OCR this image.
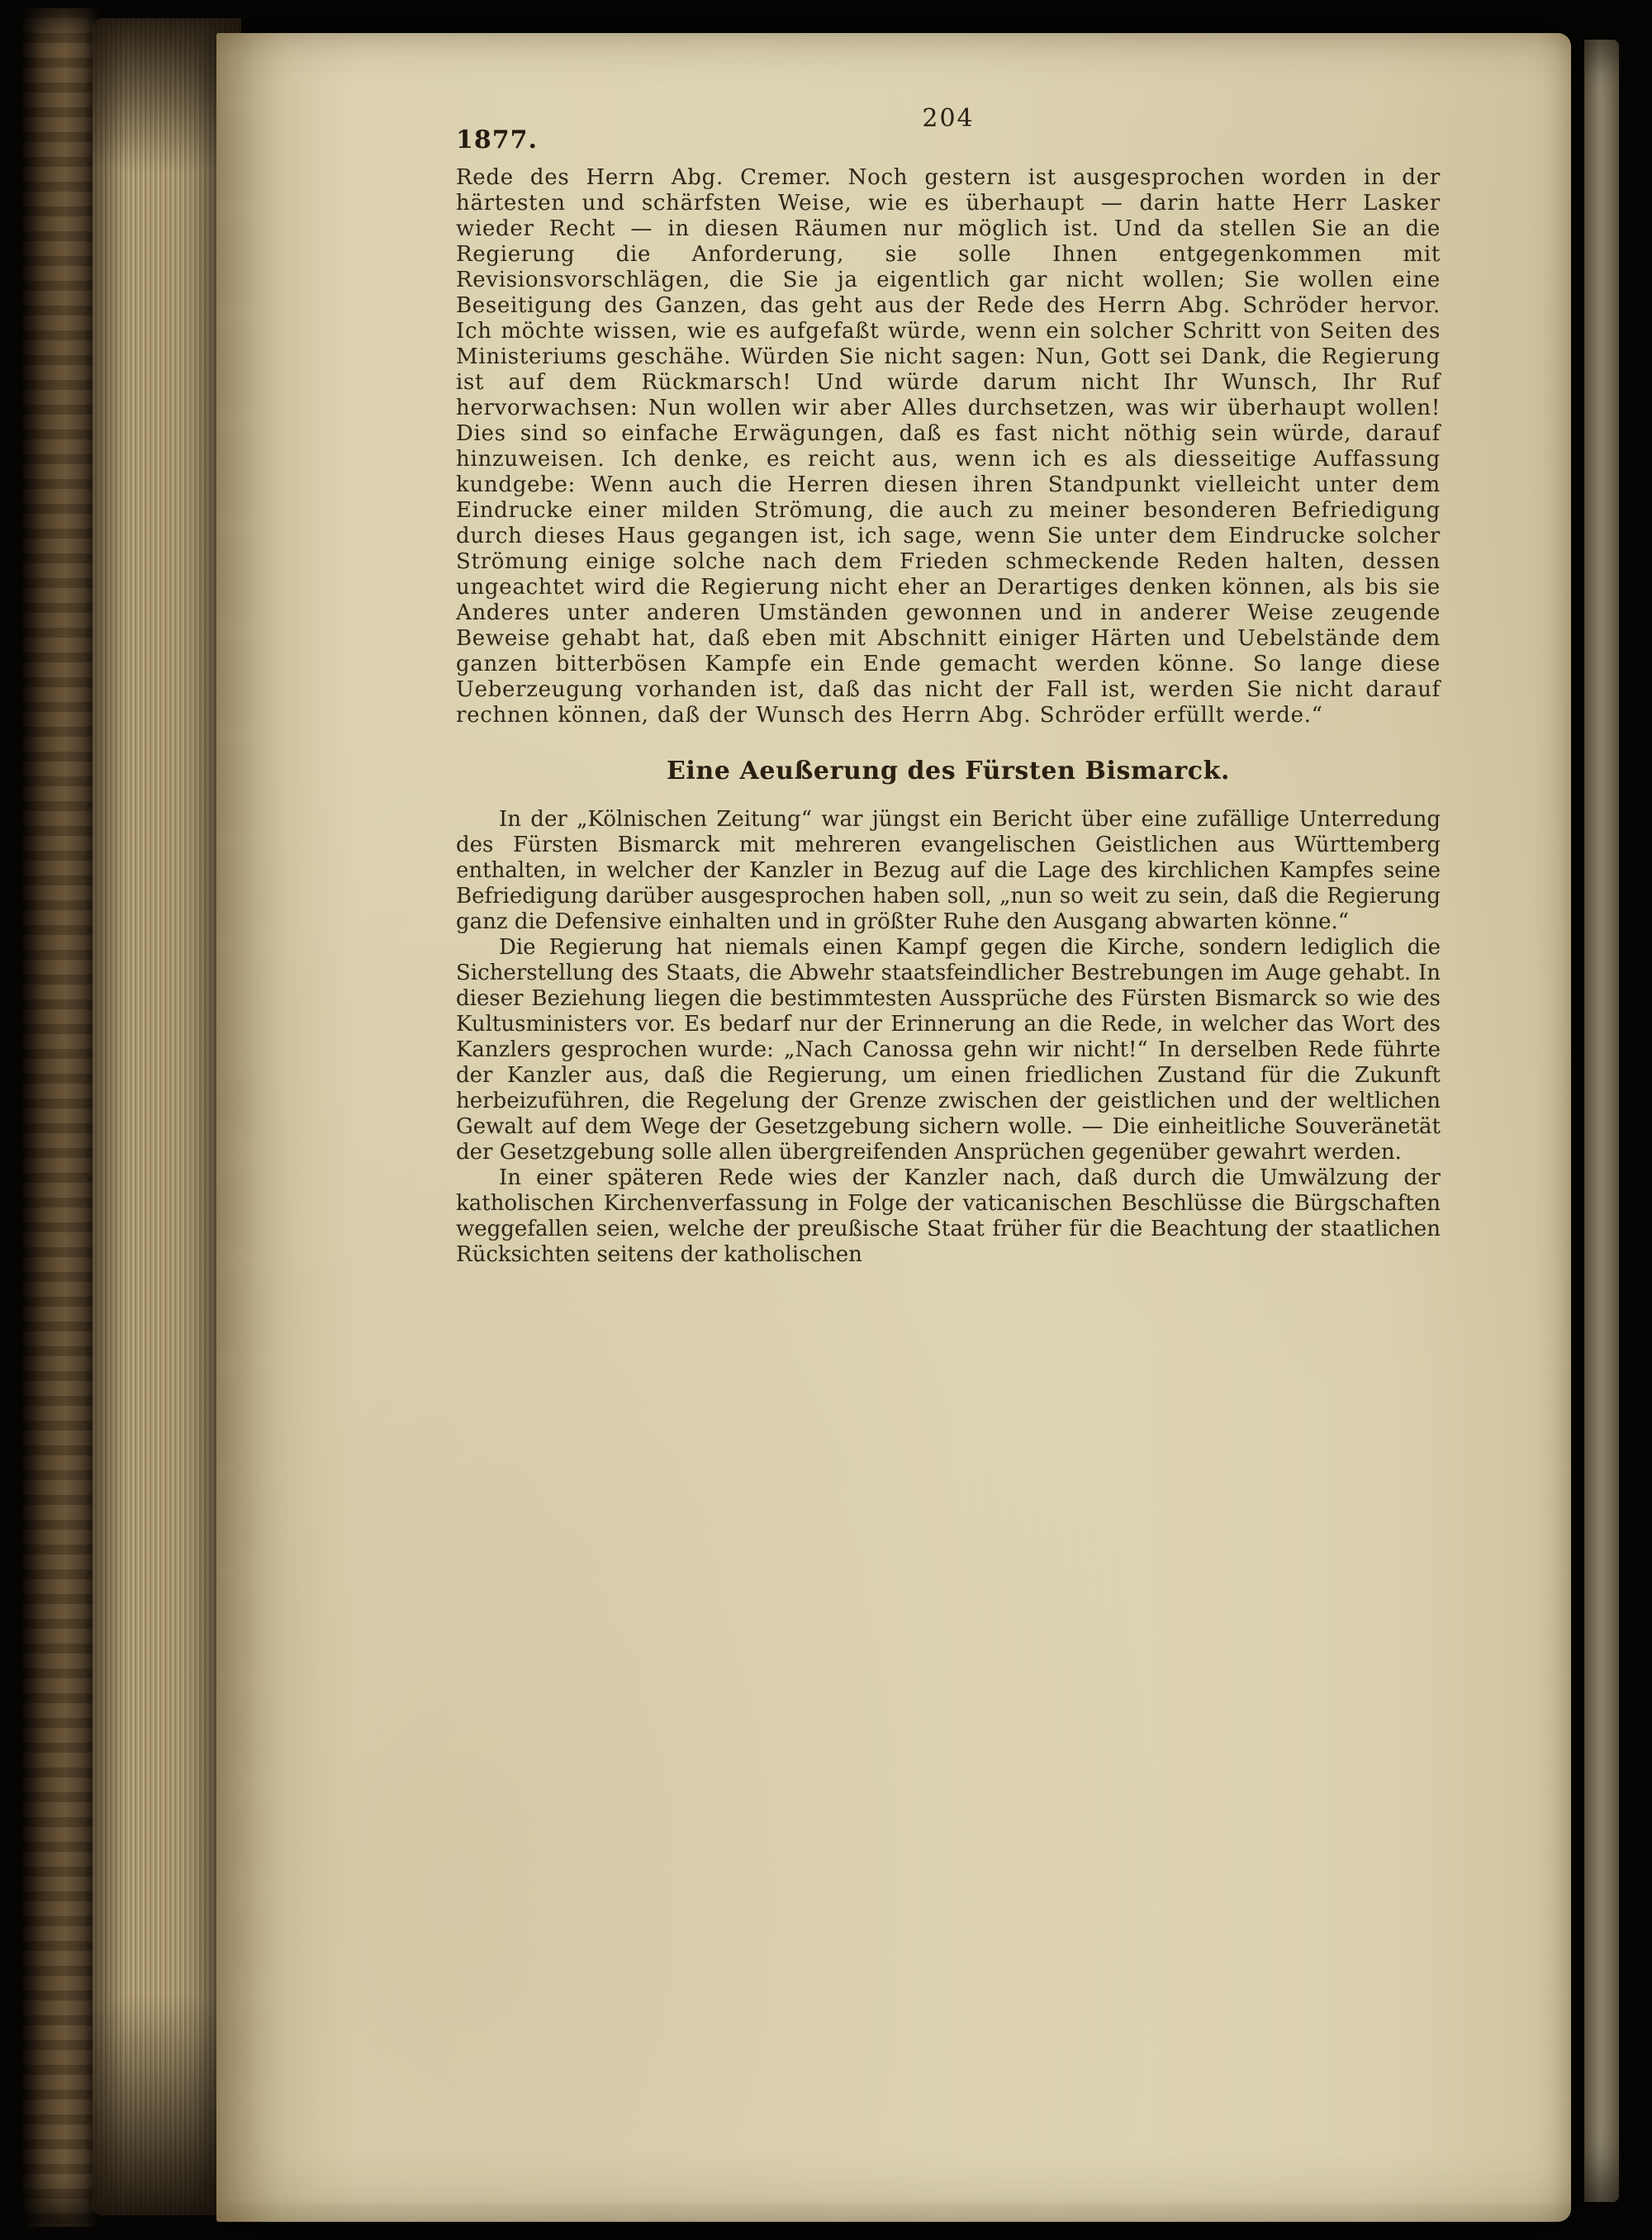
204
1877.

Rede des Herrn Abg. Cremer. Noch gestern ist ausgesprochen worden in der härtesten und schärfsten Weise, wie es überhaupt — darin hatte Herr Lasker wieder Recht — in diesen Räumen nur möglich ist. Und da stellen Sie an die Regierung die Anforderung, sie solle Ihnen entgegenkommen mit Revisionsvorschlägen, die Sie ja eigentlich gar nicht wollen; Sie wollen eine Beseitigung des Ganzen, das geht aus der Rede des Herrn Abg. Schröder hervor. Ich möchte wissen, wie es aufgefaßt würde, wenn ein solcher Schritt von Seiten des Ministeriums geschähe. Würden Sie nicht sagen: Nun, Gott sei Dank, die Regierung ist auf dem Rückmarsch! Und würde darum nicht Ihr Wunsch, Ihr Ruf hervorwachsen: Nun wollen wir aber Alles durchsetzen, was wir überhaupt wollen! Dies sind so einfache Erwägungen, daß es fast nicht nöthig sein würde, darauf hinzuweisen. Ich denke, es reicht aus, wenn ich es als diesseitige Auffassung kundgebe: Wenn auch die Herren diesen ihren Standpunkt vielleicht unter dem Eindrucke einer milden Strömung, die auch zu meiner besonderen Befriedigung durch dieses Haus gegangen ist, ich sage, wenn Sie unter dem Eindrucke solcher Strömung einige solche nach dem Frieden schmeckende Reden halten, dessen ungeachtet wird die Regierung nicht eher an Derartiges denken können, als bis sie Anderes unter anderen Umständen gewonnen und in anderer Weise zeugende Beweise gehabt hat, daß eben mit Abschnitt einiger Härten und Uebelstände dem ganzen bitterbösen Kampfe ein Ende gemacht werden könne. So lange diese Ueberzeugung vorhanden ist, daß das nicht der Fall ist, werden Sie nicht darauf rechnen können, daß der Wunsch des Herrn Abg. Schröder erfüllt werde.“

Eine Aeußerung des Fürsten Bismarck.

In der „Kölnischen Zeitung“ war jüngst ein Bericht über eine zufällige Unterredung des Fürsten Bismarck mit mehreren evangelischen Geistlichen aus Württemberg enthalten, in welcher der Kanzler in Bezug auf die Lage des kirchlichen Kampfes seine Befriedigung darüber ausgesprochen haben soll, „nun so weit zu sein, daß die Regierung ganz die Defensive einhalten und in größter Ruhe den Ausgang abwarten könne.“

Die Regierung hat niemals einen Kampf gegen die Kirche, sondern lediglich die Sicherstellung des Staats, die Abwehr staatsfeindlicher Bestrebungen im Auge gehabt. In dieser Beziehung liegen die bestimmtesten Aussprüche des Fürsten Bismarck so wie des Kultusministers vor. Es bedarf nur der Erinnerung an die Rede, in welcher das Wort des Kanzlers gesprochen wurde: „Nach Canossa gehn wir nicht!“ In derselben Rede führte der Kanzler aus, daß die Regierung, um einen friedlichen Zustand für die Zukunft herbeizuführen, die Regelung der Grenze zwischen der geistlichen und der weltlichen Gewalt auf dem Wege der Gesetzgebung sichern wolle. — Die einheitliche Souveränetät der Gesetzgebung solle allen übergreifenden Ansprüchen gegenüber gewahrt werden.

In einer späteren Rede wies der Kanzler nach, daß durch die Umwälzung der katholischen Kirchenverfassung in Folge der vaticanischen Beschlüsse die Bürgschaften weggefallen seien, welche der preußische Staat früher für die Beachtung der staatlichen Rücksichten seitens der katholischen
